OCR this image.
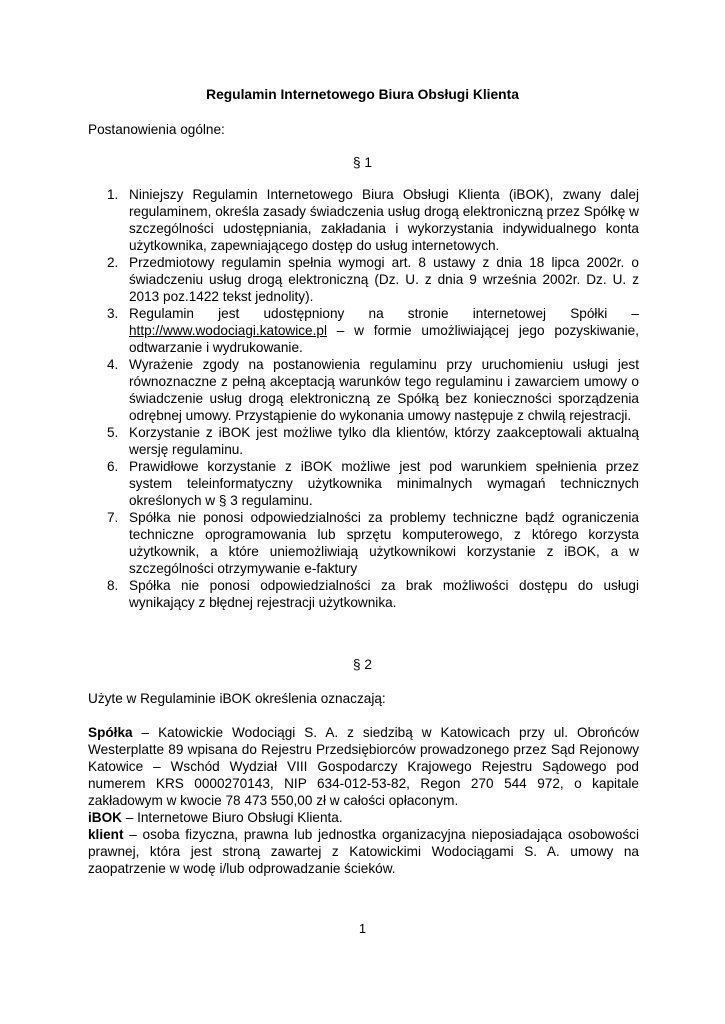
Regulamin Internetowego Biura Obsługi Klienta
Postanowienia ogólne:
§ 1
1. Niniejszy Regulamin Internetowego Biura Obsługi Klienta (iBOK), zwany dalej regulaminem, określa zasady świadczenia usług drogą elektroniczną przez Spółkę w szczególności udostępniania, zakładania i wykorzystania indywidualnego konta użytkownika, zapewniającego dostęp do usług internetowych.
2. Przedmiotowy regulamin spełnia wymogi art. 8 ustawy z dnia 18 lipca 2002r. o świadczeniu usług drogą elektroniczną (Dz. U. z dnia 9 września 2002r. Dz. U. z 2013 poz.1422 tekst jednolity).
3. Regulamin jest udostępniony na stronie internetowej Spółki – http://www.wodociagi.katowice.pl – w formie umożliwiającej jego pozyskiwanie, odtwarzanie i wydrukowanie.
4. Wyrażenie zgody na postanowienia regulaminu przy uruchomieniu usługi jest równoznaczne z pełną akceptacją warunków tego regulaminu i zawarciem umowy o świadczenie usług drogą elektroniczną ze Spółką bez konieczności sporządzenia odrębnej umowy. Przystąpienie do wykonania umowy następuje z chwilą rejestracji.
5. Korzystanie z iBOK jest możliwe tylko dla klientów, którzy zaakceptowali aktualną wersję regulaminu.
6. Prawidłowe korzystanie z iBOK możliwe jest pod warunkiem spełnienia przez system teleinformatyczny użytkownika minimalnych wymagań technicznych określonych w § 3 regulaminu.
7. Spółka nie ponosi odpowiedzialności za problemy techniczne bądź ograniczenia techniczne oprogramowania lub sprzętu komputerowego, z którego korzysta użytkownik, a które uniemożliwiają użytkownikowi korzystanie z iBOK, a w szczególności otrzymywanie e-faktury
8. Spółka nie ponosi odpowiedzialności za brak możliwości dostępu do usługi wynikający z błędnej rejestracji użytkownika.
§ 2
Użyte w Regulaminie iBOK określenia oznaczają:

Spółka – Katowickie Wodociągi S. A. z siedzibą w Katowicach przy ul. Obrońców Westerplatte 89 wpisana do Rejestru Przedsiębiorców prowadzonego przez Sąd Rejonowy Katowice – Wschód Wydział VIII Gospodarczy Krajowego Rejestru Sądowego pod numerem KRS 0000270143, NIP 634-012-53-82, Regon 270 544 972, o kapitale zakładowym w kwocie 78 473 550,00 zł w całości opłaconym.

iBOK – Internetowe Biuro Obsługi Klienta.

klient – osoba fizyczna, prawna lub jednostka organizacyjna nieposiadająca osobowości prawnej, która jest stroną zawartej z Katowickimi Wodociągami S. A. umowy na zaopatrzenie w wodę i/lub odprowadzanie ścieków.

1
